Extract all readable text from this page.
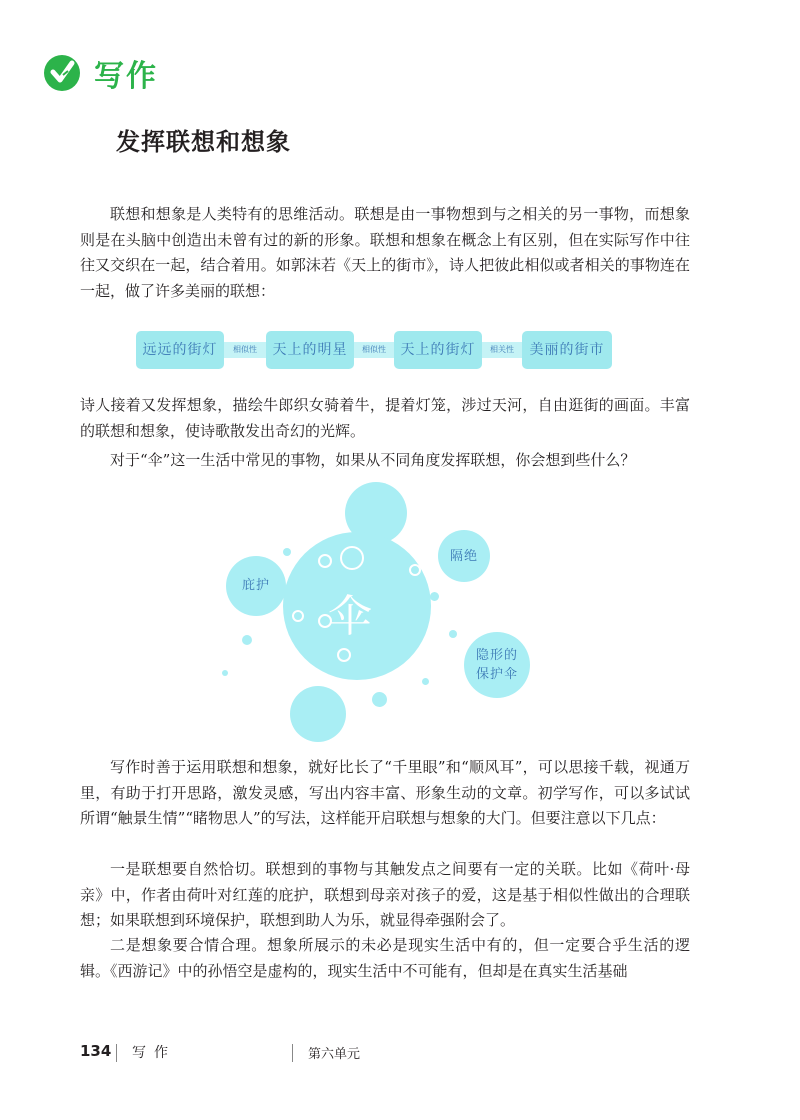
写作
发挥联想和想象

联想和想象是人类特有的思维活动。联想是由一事物想到与之相关的另一事物，而想象则是在头脑中创造出未曾有过的新的形象。联想和想象在概念上有区别，但在实际写作中往往又交织在一起，结合着用。如郭沫若《天上的街市》，诗人把彼此相似或者相关的事物连在一起，做了许多美丽的联想：

远远的街灯	相似性	天上的明星	相似性	天上的街灯	相关性	美丽的街市

诗人接着又发挥想象，描绘牛郎织女骑着牛，提着灯笼，涉过天河，自由逛街的画面。丰富的联想和想象，使诗歌散发出奇幻的光辉。

对于“伞”这一生活中常见的事物，如果从不同角度发挥联想，你会想到些什么？

伞
庇护
隔绝
隐形的
保护伞

写作时善于运用联想和想象，就好比长了“千里眼”和“顺风耳”，可以思接千载，视通万里，有助于打开思路，激发灵感，写出内容丰富、形象生动的文章。初学写作，可以多试试所谓“触景生情”“睹物思人”的写法，这样能开启联想与想象的大门。但要注意以下几点：

一是联想要自然恰切。联想到的事物与其触发点之间要有一定的关联。比如《荷叶·母亲》中，作者由荷叶对红莲的庇护，联想到母亲对孩子的爱，这是基于相似性做出的合理联想；如果联想到环境保护，联想到助人为乐，就显得牵强附会了。

二是想象要合情合理。想象所展示的未必是现实生活中有的，但一定要合乎生活的逻辑。《西游记》中的孙悟空是虚构的，现实生活中不可能有，但却是在真实生活基础

134 写作	第六单元
